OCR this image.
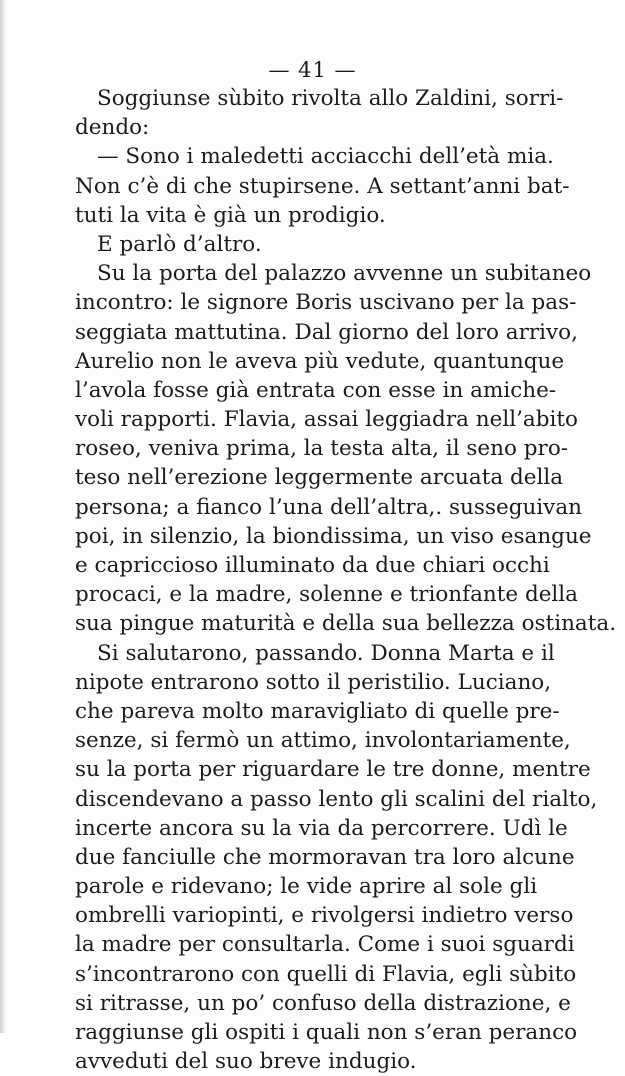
— 41 —
Soggiunse sùbito rivolta allo Zaldini, sorri-
dendo:
— Sono i maledetti acciacchi dell’età mia.
Non c’è di che stupirsene. A settant’anni bat-
tuti la vita è già un prodigio.
E parlò d’altro.
Su la porta del palazzo avvenne un subitaneo
incontro: le signore Boris uscivano per la pas-
seggiata mattutina. Dal giorno del loro arrivo,
Aurelio non le aveva più vedute, quantunque
l’avola fosse già entrata con esse in amiche-
voli rapporti. Flavia, assai leggiadra nell’abito
roseo, veniva prima, la testa alta, il seno pro-
teso nell’erezione leggermente arcuata della
persona; a fianco l’una dell’altra,. susseguivan
poi, in silenzio, la biondissima, un viso esangue
e capriccioso illuminato da due chiari occhi
procaci, e la madre, solenne e trionfante della
sua pingue maturità e della sua bellezza ostinata.
Si salutarono, passando. Donna Marta e il
nipote entrarono sotto il peristilio. Luciano,
che pareva molto maravigliato di quelle pre-
senze, si fermò un attimo, involontariamente,
su la porta per riguardare le tre donne, mentre
discendevano a passo lento gli scalini del rialto,
incerte ancora su la via da percorrere. Udì le
due fanciulle che mormoravan tra loro alcune
parole e ridevano; le vide aprire al sole gli
ombrelli variopinti, e rivolgersi indietro verso
la madre per consultarla. Come i suoi sguardi
s’incontrarono con quelli di Flavia, egli sùbito
si ritrasse, un po’ confuso della distrazione, e
raggiunse gli ospiti i quali non s’eran peranco
avveduti del suo breve indugio.
